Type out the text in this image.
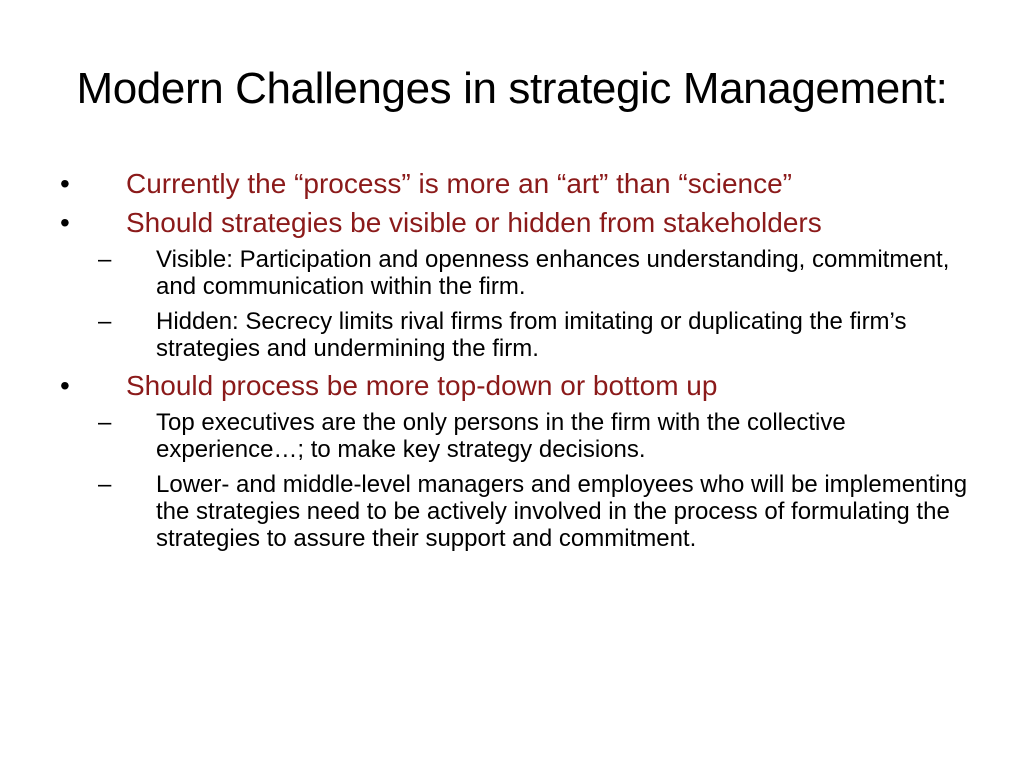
Modern Challenges in strategic Management:
• Currently the “process” is more an “art” than “science”
• Should strategies be visible or hidden from stakeholders
– Visible: Participation and openness enhances understanding, commitment, and communication within the firm.
– Hidden: Secrecy limits rival firms from imitating or duplicating the firm’s strategies and undermining the firm.
• Should process be more top-down or bottom up
– Top executives are the only persons in the firm with the collective experience…; to make key strategy decisions.
– Lower- and middle-level managers and employees who will be implementing the strategies need to be actively involved in the process of formulating the strategies to assure their support and commitment.
